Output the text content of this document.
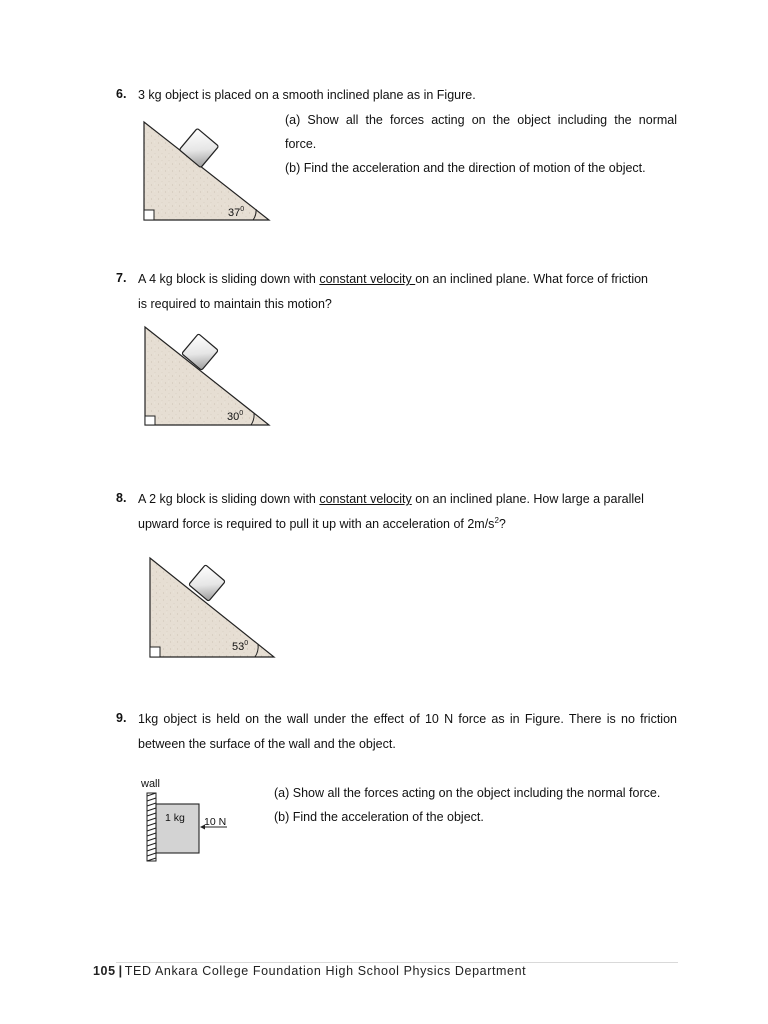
6. 3 kg object is placed on a smooth inclined plane as in Figure.
(a) Show all the forces acting on the object including the normal
force.
(b) Find the acceleration and the direction of motion of the object.
$37^0$
7. A 4 kg block is sliding down with constant velocity on an inclined plane. What force of friction
is required to maintain this motion?
$30^0$
8. A 2 kg block is sliding down with constant velocity on an inclined plane. How large a parallel
upward force is required to pull it up with an acceleration of $2m/s^2$?
$53^0$
9. 1kg object is held on the wall under the effect of 10 N force as in Figure. There is no friction
between the surface of the wall and the object.
wall
1 kg 10 N
(a) Show all the forces acting on the object including the normal force.
(b) Find the acceleration of the object.
105 | TED Ankara College Foundation High School Physics Department
